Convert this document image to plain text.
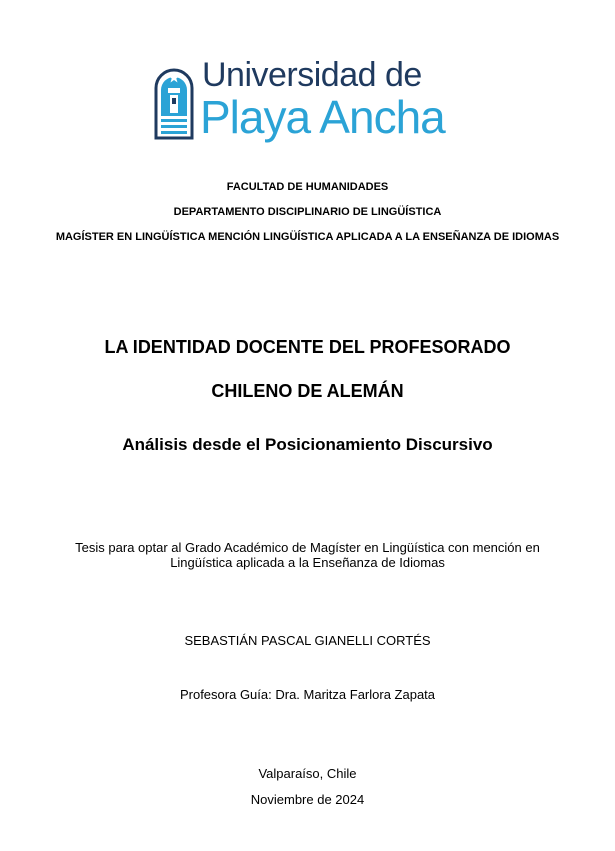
Universidad de
Playa Ancha
FACULTAD DE HUMANIDADES
DEPARTAMENTO DISCIPLINARIO DE LINGÜÍSTICA
MAGÍSTER EN LINGÜÍSTICA MENCIÓN LINGÜÍSTICA APLICADA A LA ENSEÑANZA DE IDIOMAS
LA IDENTIDAD DOCENTE DEL PROFESORADO
CHILENO DE ALEMÁN
Análisis desde el Posicionamiento Discursivo
Tesis para optar al Grado Académico de Magíster en Lingüística con mención en Lingüística aplicada a la Enseñanza de Idiomas
SEBASTIÁN PASCAL GIANELLI CORTÉS
Profesora Guía: Dra. Maritza Farlora Zapata
Valparaíso, Chile
Noviembre de 2024
